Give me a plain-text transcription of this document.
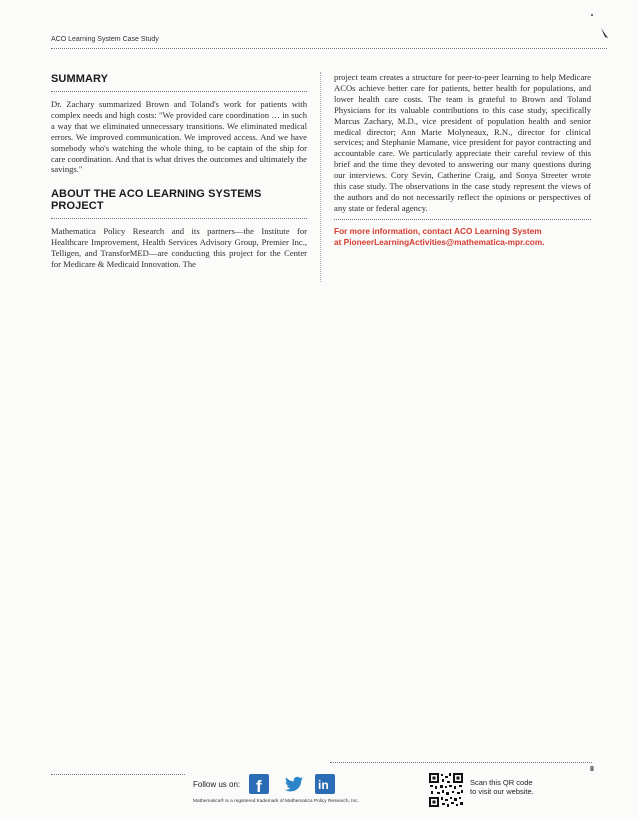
ACO Learning System Case Study
SUMMARY

Dr. Zachary summarized Brown and Toland's work for patients with complex needs and high costs: "We provided care coordination … in such a way that we eliminated unnecessary transitions. We eliminated medical errors. We improved communication. We improved access. And we have somebody who's watching the whole thing, to be captain of the ship for care coordination. And that is what drives the outcomes and ultimately the savings."

ABOUT THE ACO LEARNING SYSTEMS PROJECT

Mathematica Policy Research and its partners—the Institute for Healthcare Improvement, Health Services Advisory Group, Premier Inc., Telligen, and TransforMED—are conducting this project for the Center for Medicare & Medicaid Innovation. The

project team creates a structure for peer-to-peer learning to help Medicare ACOs achieve better care for patients, better health for populations, and lower health care costs. The team is grateful to Brown and Toland Physicians for its valuable contributions to this case study, specifically Marcus Zachary, M.D., vice president of population health and senior medical director; Ann Marie Molyneaux, R.N., director for clinical services; and Stephanie Mamane, vice president for payor contracting and accountable care. We particularly appreciate their careful review of this brief and the time they devoted to answering our many questions during our interviews. Cory Sevin, Catherine Craig, and Sonya Streeter wrote this case study. The observations in the case study represent the views of the authors and do not necessarily reflect the opinions or perspectives of any state or federal agency.

For more information, contact ACO Learning System
at PioneerLearningActivities@mathematica-mpr.com.
8
Follow us on: f	in
Mathematica® is a registered trademark of Mathematica Policy Research, Inc.
Scan this QR code
to visit our website.
